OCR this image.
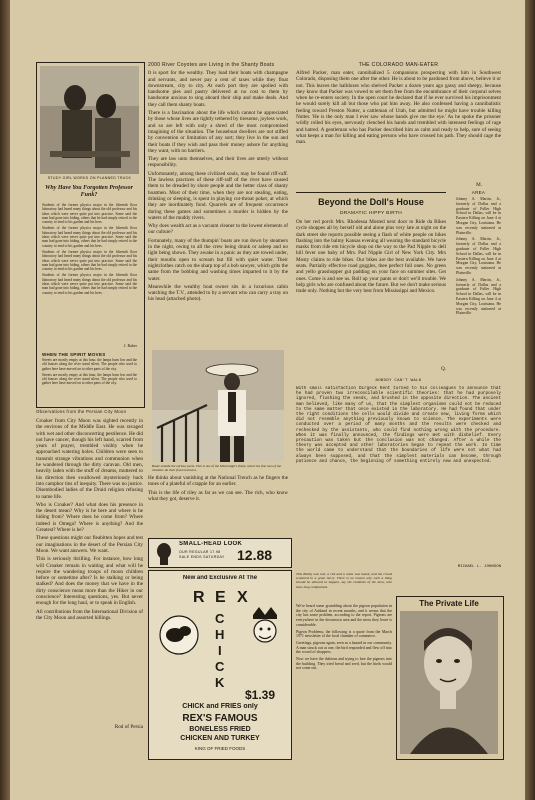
STUDY GIRL WORKS ON PLANNED TRUCK
Why Have You Forgotten Professor Funk?

Students of the former physics major in the fifteenth floor laboratory had heard many things about the old professor and his ideas which were never quite put into practice. Some said the man had gone into hiding, others that he had simply retired to the country to tend to his garden and his bees.

Students of the former physics major in the fifteenth floor laboratory had heard many things about the old professor and his ideas which were never quite put into practice. Some said the man had gone into hiding, others that he had simply retired to the country to tend to his garden and his bees.

Students of the former physics major in the fifteenth floor laboratory had heard many things about the old professor and his ideas which were never quite put into practice. Some said the man had gone into hiding, others that he had simply retired to the country to tend to his garden and his bees.

Students of the former physics major in the fifteenth floor laboratory had heard many things about the old professor and his ideas which were never quite put into practice. Some said the man had gone into hiding, others that he had simply retired to the country to tend to his garden and his bees.

J. Baker
WHEN THE SPIRIT MOVES

Streets are mostly empty at this hour, the lamps burn low and the old houses along the river stand silent. The people who used to gather here have moved on to other parts of the city.

Streets are mostly empty at this hour, the lamps burn low and the old houses along the river stand silent. The people who used to gather here have moved on to other parts of the city.

Observations from the Persian City Moon

Croaker from City Moon was sighted recently in the environs of the Middle East. He was ravaged with wet and other disconcerting pestilence. He did not have cancer, though his left hand, scarred from years of prayer, trembled visibly when he approached watering holes. Children were seen to transmit strange vibrations and communion when he wandered through the dirty caravan. Old men, heavily laden with the stuff of dreams, muttered to his direction then swallowed mysteriously back into camphor tins of inequity. There was no justice. Disembodied ladies of the Druid religion refusing to name life.

Who is Croaker? And what does his presence in the desert mean? Why is he here and where is he hiding from? Where does he come from? Where indeed is Omega? Where is anything? And the Greatest? Where is he?

These questions might our fleabitten hopes and test our imaginations in the desert of the Persian City Moon. We want answers. We want.

This is seriously thrilling. For instance, how long will Croaker remain in waiting and what will he require the wandering troops of moon children before or sometime after? Is he stalking or being stalked? And does the money that we have in the dirty conscience mean more than the Hiker in our conscience? Interesting questions, yes. But never enough for the long haul, or to speak in English.

All contributions from the International Division of the City Moon and assorted hillings.

Rod of Persia

2000 River Coyotes are Living in the Shanty Boats

It is sport for the wealthy. They load their boats with champagne and servants, and never pay a cent of taxes while they float downstream, city to city. At each port they are spoiled with handsome pies and pastry delivered at no cost to them by handsome anxious to sing aboard their ship and make deals. And they call them shanty boats.

There is a fascination about the life which cannot be appreciated by those whose lives are tightly tethered by tiresome, joyless work, and so are left with only a shred of the most compromised imagining of the situation. The houseboat dwellers are not stifled by convention or limitation of any sort; they live in the sun and their boats if they wish and pass their money ashore for anything they want, with no barriers.

They are law unto themselves, and their lives are utterly without responsibility.

Unfortunately, among these civilized souls, may be found riff-raff. The lawless practices of these riff-raff of the river have caused them to be dreaded by shore people and the better class of shanty boatmen. Most of their time, when they are not stealing, eating, drinking or sleeping, is spent in playing cut-throat poker, at which they are inordinately fond. Quarrels are of frequent occurrence during these games and sometimes a murder is hidden by the waters of the muddy rivers.

Why does wealth act as a vacuum cleaner to the lowest elements of our culture?

Fortunately, many of the thumpin' boats are run down by steamers in the night, owing to all the crew being drunk or asleep and no light being shown. They awake in a panic as they are towed under, their mouths open to scream but fill with quiet water. Their nightclothes catch on the sharp top of a bob sawyer, which grits the same from the bobbing and washing times imparted to it by the water.

Meanwhile the wealthy boat owner sits in a luxurious cabin watching the T.V., attended to by a servant who can carry a tray on his head (attached photo).

Boats outside the various ports. This is one of the Mississippi's finest, where the fine men of the chamber do their finest business.

He thinks about vanishing at the National Trench as he fingers the tones of a plateful of crappie for an earlier.

This is the life of riley as far as we can see. The rich, who know what they got, deserve it.

SMALL-HEAD LOOK
OUR REGULAR 17.98
SALE ENDS SATURDAY 12.88
New and Exclusive At The
R E X
C
H
I
C
K
$1.39
CHICK and FRIES only
REX'S FAMOUS
BONELESS FRIED
CHICKEN AND TURKEY
KING OF FRIED FOODS
THE COLORADO MAN-EATER

Alfred Packer, man eater, cannibalized 5 companions prospecting with him in Southwest Colorado, disposing them one after the other. He is about to be pardoned from above, believe it or not. This leaves the halldozes who shelved Packer a dozen years ago gassy and sheepy, because they know that Packer was vowed to set them free from the encumbrance of their corporal selves when he re-enters society. In the open court he declared that if he ever survived his imprisonment he would surely kill all but those who put him away. He also confessed having a cannibalistic feeling toward Preston Nutter, a cattleman of Utah, but admitted he might have trouble killing Nutter. 'He is the only man I ever saw whose hands give me the eye.' As he spoke the prisoner wildly rolled his eyes, nervously clenched his hands and trembled with intensest feelings of rage and hatred. A gentleman who has Packer described him as calm and ready to help, sure of seeing what keeps a man for killing and eating persons who have crossed his path. They should cage the man.

M.
AREA

Johnny A. Martin, Jr., formerly of Dallas and a graduate of Fuller High School in Dallas, will be in Eastern Killing on June 4 at Morgan City, Louisiana. He was recently stationed at Plainville.

Johnny A. Martin, Jr., formerly of Dallas and a graduate of Fuller High School in Dallas, will be in Eastern Killing on June 4 at Morgan City, Louisiana. He was recently stationed at Plainville.

Johnny A. Martin, Jr., formerly of Dallas and a graduate of Fuller High School in Dallas, will be in Eastern Killing on June 4 at Morgan City, Louisiana. He was recently stationed at Plainville.

Beyond the Doll's House
DRAMATIC HIPPY BIRTH

On her red porch Mrs. Rhodessa Mosted next door to Ride da Bikes cycle shoppes all by herself old and alone plus very late at night on the dark street she reports possible seeing a flash of white people on bikes flashing into the balmy Kansas evening all wearing the standard bicycle masks from ride em bicycle shop on the way to the Pad Nipple to dell hill fever one baby of Mrs. Pad Nipple Girl of New York City. Mrs Mosty claims to ride bikes. Our bikes are the best available. We have seats. Partially effective road goggles, thee perfect full ones. No green and yello grasshopper gut padding on your face on summer sites. Get ones. Come is and see us. Roll up your pants or don't we'll trouble. We help girls who are confused about the future. But we don't make serious trade only. Nothing but the very best from Mississippi and Mexico.

Q.
NOBODY CAN'T WALK

With small satisfaction Dirgeck Kent turned to his colleagues to announce that he had proven two irreconcilable scientific theories: that he had purposely ignored, flushing the seeds, and brushed in the opposite direction. The ancient man believed, like many of us, that the simplest organisms could not be reduced to the same matter that once existed in the laboratory. He had found that under the right conditions the cells would divide and create new, living forms which did not resemble anything previously known to science. The experiments were conducted over a period of many months and the results were checked and rechecked by the assistants, who could find nothing wrong with the procedure. When it was finally announced, the findings were met with disbelief. Every precaution was taken but the conclusion was not changed. After a while the theory was accepted and other laboratories began to repeat the work. In time the world came to understand that the boundaries of life were not what had always been supposed, and that the simplest materials can become, through patience and chance, the beginning of something entirely new and unexpected.

MICHAEL L. JOHNSON

This Bobby was lost, a riot and a noise was heard, and the crowd scattered in a great hurry. There is no reason why such a thing should be allowed to happen, say the residents of the area, who have long complained.

We're heard some grumbling about the pigeon population in the city of Ashland in recent months, and it seems that the city has some problem, according to the report. Pigeons are everywhere in the downtown area and the mess they leave is considerable.

Pigeon Problems, the following is a quote from the March 1971 newsletter of the local chamber of commerce.

Greetings, pigeons again, seen as a hazard in our community. A man struck out at one, the bird responded and flew off into the crowd of shoppers.

Now we have the dubious and trying to lure the pigeons into the building. They tried bread and seed, but the birds would not come out.

The Private Life
